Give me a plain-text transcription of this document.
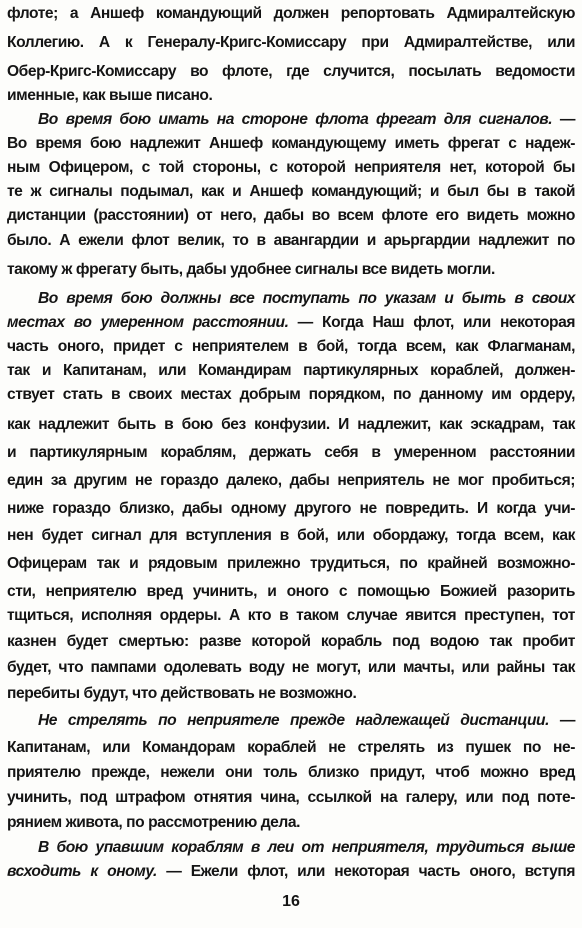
флоте; а Аншеф командующий должен репортовать Адмиралтейскую
Коллегию. А к Генералу-Кригс-Комиссару при Адмиралтействе, или
Обер-Кригс-Комиссару во флоте, где случится, посылать ведомости
именные, как выше писано.
Во время бою имать на стороне флота фрегат для сигналов. —
Во время бою надлежит Аншеф командующему иметь фрегат с надеж-
ным Офицером, с той стороны, с которой неприятеля нет, которой бы
те ж сигналы подымал, как и Аншеф командующий; и был бы в такой
дистанции (расстоянии) от него, дабы во всем флоте его видеть можно
было. А ежели флот велик, то в авангардии и арьргардии надлежит по
такому ж фрегату быть, дабы удобнее сигналы все видеть могли.
Во время бою должны все поступать по указам и быть в своих
местах во умеренном расстоянии. — Когда Наш флот, или некоторая
часть оного, придет с неприятелем в бой, тогда всем, как Флагманам,
так и Капитанам, или Командирам партикулярных кораблей, должен-
ствует стать в своих местах добрым порядком, по данному им ордеру,
как надлежит быть в бою без конфузии. И надлежит, как эскадрам, так
и партикулярным кораблям, держать себя в умеренном расстоянии
един за другим не гораздо далеко, дабы неприятель не мог пробиться;
ниже гораздо близко, дабы одному другого не повредить. И когда учи-
нен будет сигнал для вступления в бой, или обордажу, тогда всем, как
Офицерам так и рядовым прилежно трудиться, по крайней возможно-
сти, неприятелю вред учинить, и оного с помощью Божией разорить
тщиться, исполняя ордеры. А кто в таком случае явится преступен, тот
казнен будет смертью: разве которой корабль под водою так пробит
будет, что пампами одолевать воду не могут, или мачты, или райны так
перебиты будут, что действовать не возможно.
Не стрелять по неприятеле прежде надлежащей дистанции. —
Капитанам, или Командорам кораблей не стрелять из пушек по не-
приятелю прежде, нежели они толь близко придут, чтоб можно вред
учинить, под штрафом отнятия чина, ссылкой на галеру, или под поте-
рянием живота, по рассмотрению дела.
В бою упавшим кораблям в леи от неприятеля, трудиться выше
всходить к оному. — Ежели флот, или некоторая часть оного, вступя
16
